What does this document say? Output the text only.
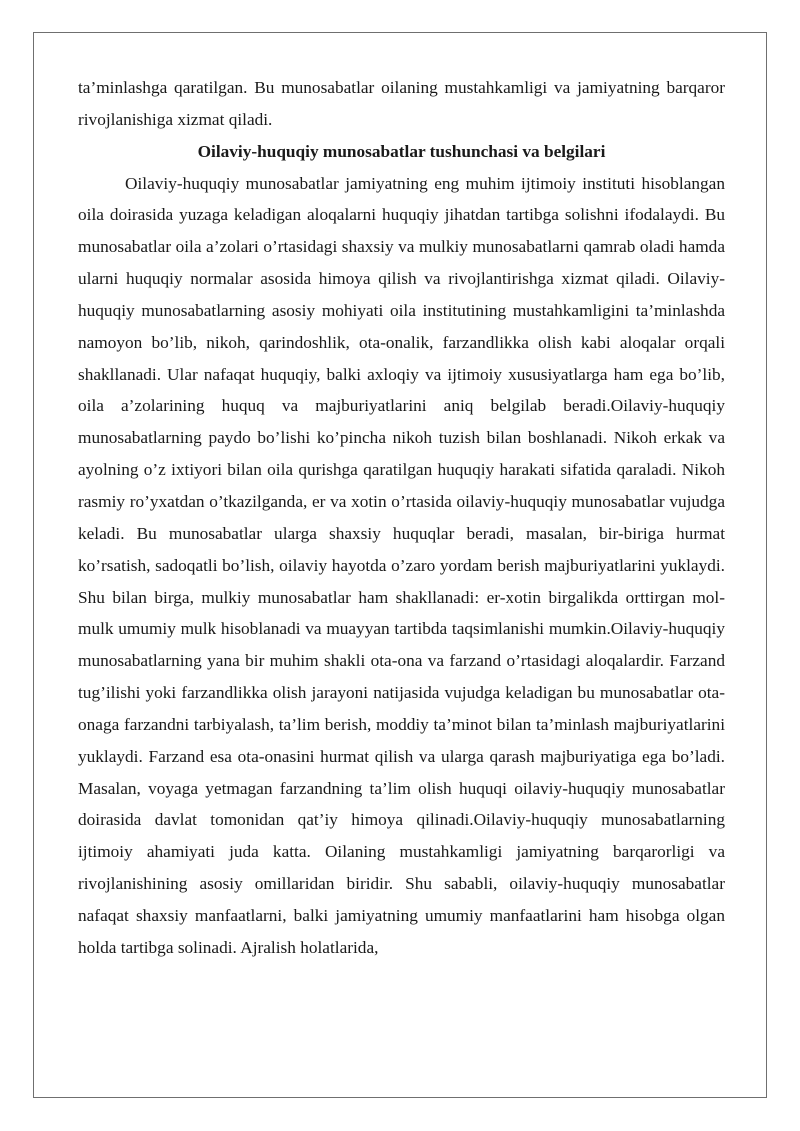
ta’minlashga qaratilgan. Bu munosabatlar oilaning mustahkamligi va jamiyatning barqaror rivojlanishiga xizmat qiladi.

Oilaviy-huquqiy munosabatlar tushunchasi va belgilari

Oilaviy-huquqiy munosabatlar jamiyatning eng muhim ijtimoiy instituti hisoblangan oila doirasida yuzaga keladigan aloqalarni huquqiy jihatdan tartibga solishni ifodalaydi. Bu munosabatlar oila a’zolari o’rtasidagi shaxsiy va mulkiy munosabatlarni qamrab oladi hamda ularni huquqiy normalar asosida himoya qilish va rivojlantirishga xizmat qiladi. Oilaviy-huquqiy munosabatlarning asosiy mohiyati oila institutining mustahkamligini ta’minlashda namoyon bo’lib, nikoh, qarindoshlik, ota-onalik, farzandlikka olish kabi aloqalar orqali shakllanadi. Ular nafaqat huquqiy, balki axloqiy va ijtimoiy xususiyatlarga ham ega bo’lib, oila a’zolarining huquq va majburiyatlarini aniq belgilab beradi.Oilaviy-huquqiy munosabatlarning paydo bo’lishi ko’pincha nikoh tuzish bilan boshlanadi. Nikoh erkak va ayolning o’z ixtiyori bilan oila qurishga qaratilgan huquqiy harakati sifatida qaraladi. Nikoh rasmiy ro’yxatdan o’tkazilganda, er va xotin o’rtasida oilaviy-huquqiy munosabatlar vujudga keladi. Bu munosabatlar ularga shaxsiy huquqlar beradi, masalan, bir-biriga hurmat ko’rsatish, sadoqatli bo’lish, oilaviy hayotda o’zaro yordam berish majburiyatlarini yuklaydi. Shu bilan birga, mulkiy munosabatlar ham shakllanadi: er-xotin birgalikda orttirgan mol-mulk umumiy mulk hisoblanadi va muayyan tartibda taqsimlanishi mumkin.Oilaviy-huquqiy munosabatlarning yana bir muhim shakli ota-ona va farzand o’rtasidagi aloqalardir. Farzand tug’ilishi yoki farzandlikka olish jarayoni natijasida vujudga keladigan bu munosabatlar ota-onaga farzandni tarbiyalash, ta’lim berish, moddiy ta’minot bilan ta’minlash majburiyatlarini yuklaydi. Farzand esa ota-onasini hurmat qilish va ularga qarash majburiyatiga ega bo’ladi. Masalan, voyaga yetmagan farzandning ta’lim olish huquqi oilaviy-huquqiy munosabatlar doirasida davlat tomonidan qat’iy himoya qilinadi.Oilaviy-huquqiy munosabatlarning ijtimoiy ahamiyati juda katta. Oilaning mustahkamligi jamiyatning barqarorligi va rivojlanishining asosiy omillaridan biridir. Shu sababli, oilaviy-huquqiy munosabatlar nafaqat shaxsiy manfaatlarni, balki jamiyatning umumiy manfaatlarini ham hisobga olgan holda tartibga solinadi. Ajralish holatlarida,
